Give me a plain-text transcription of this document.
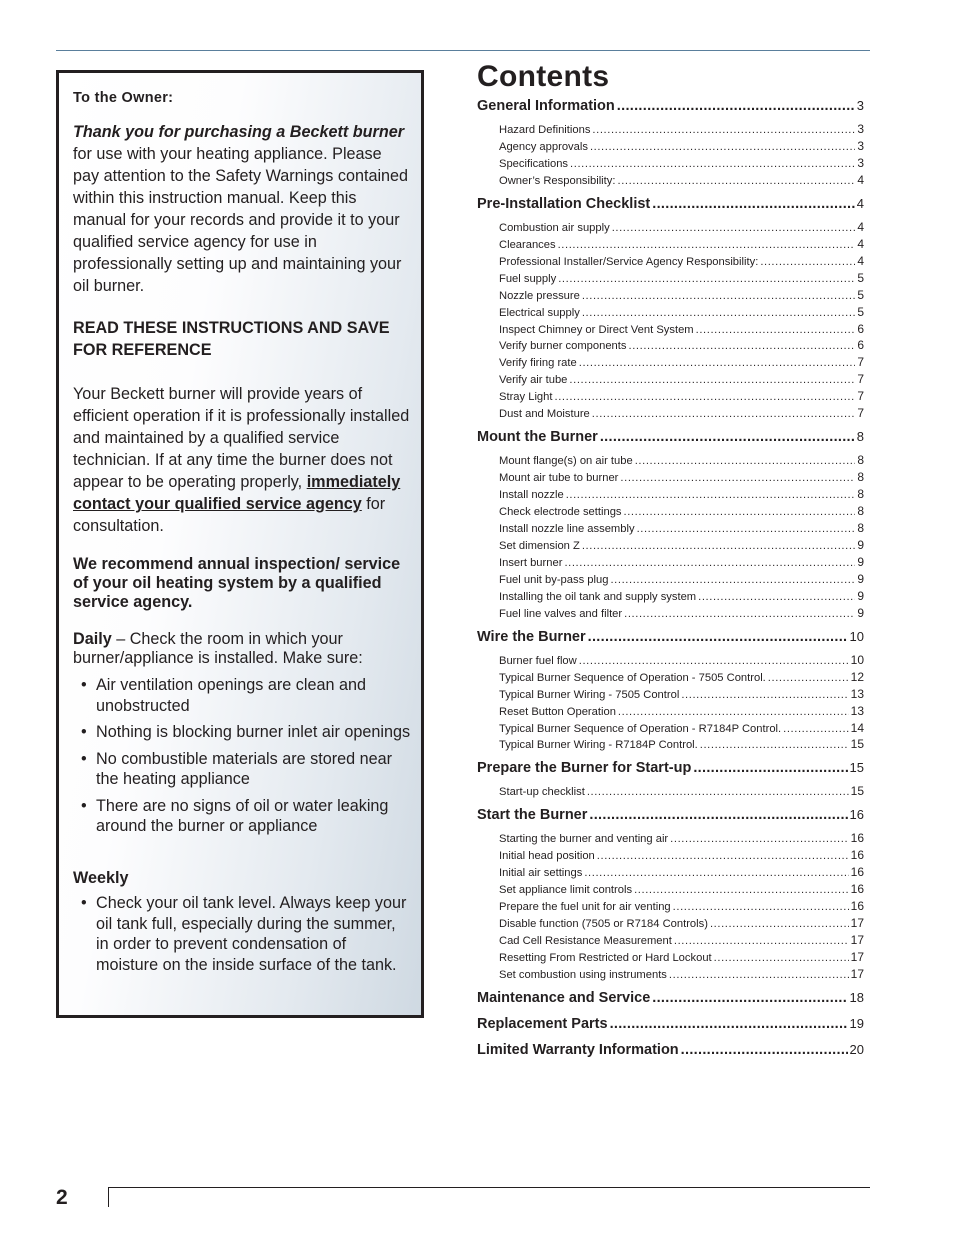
To the Owner:

Thank you for purchasing a Beckett burner for use with your heating appliance. Please pay attention to the Safety Warnings contained within this instruction manual. Keep this manual for your records and provide it to your qualified service agency for use in professionally setting up and maintaining your oil burner.

READ THESE INSTRUCTIONS AND SAVE FOR REFERENCE

Your Beckett burner will provide years of efficient operation if it is professionally installed and maintained by a qualified service technician. If at any time the burner does not appear to be operating properly, immediately contact your qualified service agency for consultation.

We recommend annual inspection/ service of your oil heating system by a qualified service agency.

Daily – Check the room in which your burner/appliance is installed. Make sure:

• Air ventilation openings are clean and unobstructed
• Nothing is blocking burner inlet air openings
• No combustible materials are stored near the heating appliance
• There are no signs of oil or water leaking around the burner or appliance

Weekly

• Check your oil tank level. Always keep your oil tank full, especially during the summer, in order to prevent condensation of moisture on the inside surface of the tank.
Contents
General Information .....	3
Hazard Definitions .....	3
Agency approvals .....	3
Specifications .....	3
Owner’s Responsibility: .....	4
Pre-Installation Checklist .....	4
Combustion air supply .....	4
Clearances .....	4
Professional Installer/Service Agency Responsibility: .....	4
Fuel supply .....	5
Nozzle pressure .....	5
Electrical supply .....	5
Inspect Chimney or Direct Vent System .....	6
Verify burner components .....	6
Verify firing rate .....	7
Verify air tube .....	7
Stray Light .....	7
Dust and Moisture .....	7
Mount the Burner .....	8
Mount flange(s) on air tube .....	8
Mount air tube to burner .....	8
Install nozzle .....	8
Check electrode settings .....	8
Install nozzle line assembly .....	8
Set dimension Z .....	9
Insert burner .....	9
Fuel unit by-pass plug .....	9
Installing the oil tank and supply system .....	9
Fuel line valves and filter .....	9
Wire the Burner .....	10
Burner fuel flow .....	10
Typical Burner Sequence of Operation - 7505 Control. .....	12
Typical Burner Wiring - 7505 Control .....	13
Reset Button Operation .....	13
Typical Burner Sequence of Operation - R7184P Control. .....	14
Typical Burner Wiring - R7184P Control. .....	15
Prepare the Burner for Start-up .....	15
Start-up checklist .....	15
Start the Burner .....	16
Starting the burner and venting air .....	16
Initial head position .....	16
Initial air settings .....	16
Set appliance limit controls .....	16
Prepare the fuel unit for air venting .....	16
Disable function (7505 or R7184 Controls) .....	17
Cad Cell Resistance Measurement .....	17
Resetting From Restricted or Hard Lockout .....	17
Set combustion using instruments .....	17
Maintenance and Service .....	18
Replacement Parts .....	19
Limited Warranty Information .....	20
2
